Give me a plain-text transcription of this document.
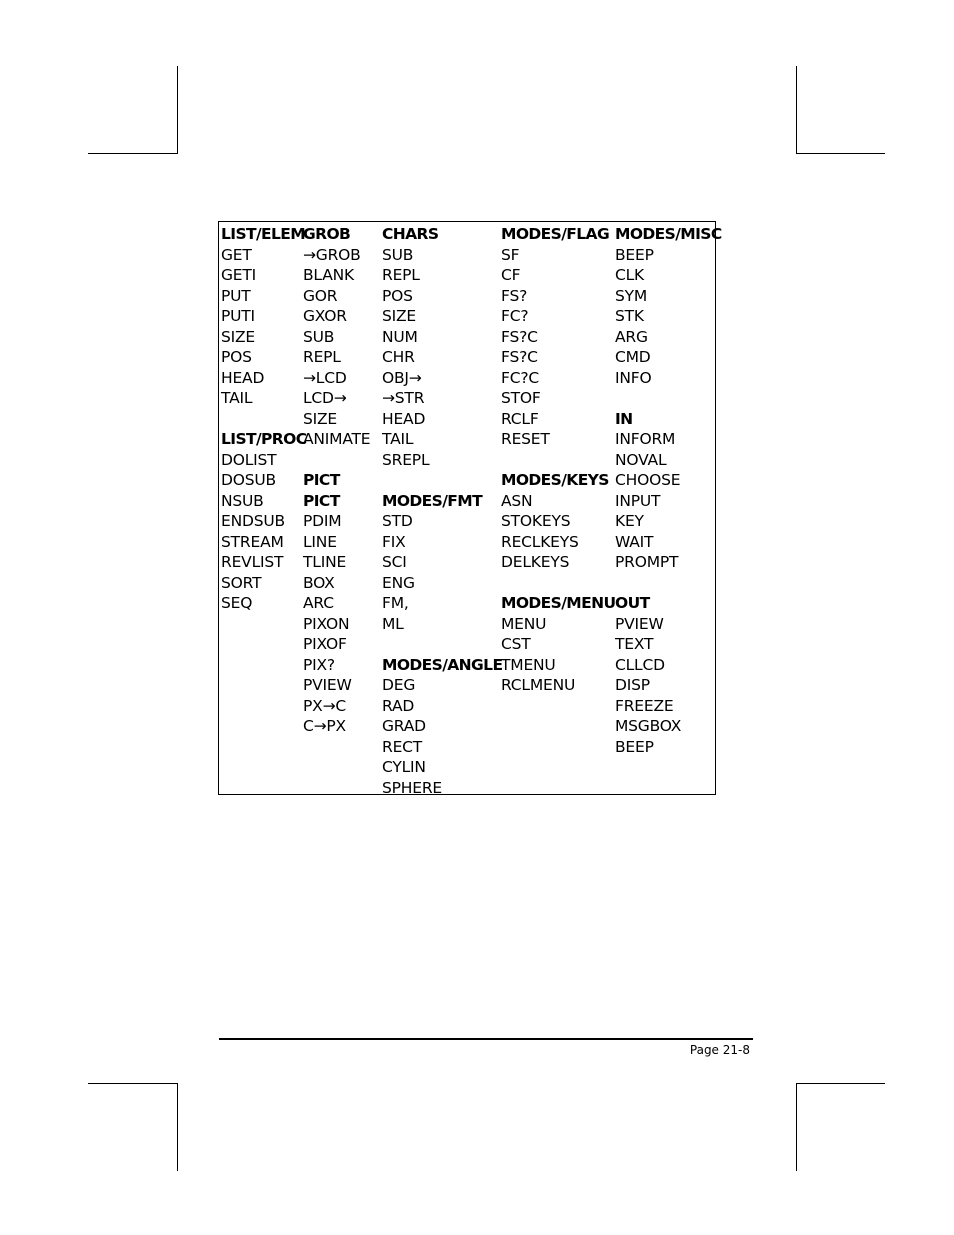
LIST/ELEM
GET
GETI
PUT
PUTI
SIZE
POS
HEAD
TAIL
LIST/PROC
DOLIST
DOSUB
NSUB
ENDSUB
STREAM
REVLIST
SORT
SEQ
GROB
→GROB
BLANK
GOR
GXOR
SUB
REPL
→LCD
LCD→
SIZE
ANIMATE
PICT
PICT
PDIM
LINE
TLINE
BOX
ARC
PIXON
PIXOF
PIX?
PVIEW
PX→C
C→PX
CHARS
SUB
REPL
POS
SIZE
NUM
CHR
OBJ→
→STR
HEAD
TAIL
SREPL
MODES/FMT
STD
FIX
SCI
ENG
FM,
ML
MODES/ANGLE
DEG
RAD
GRAD
RECT
CYLIN
SPHERE
MODES/FLAG
SF
CF
FS?
FC?
FS?C
FS?C
FC?C
STOF
RCLF
RESET
MODES/KEYS
ASN
STOKEYS
RECLKEYS
DELKEYS
MODES/MENU
MENU
CST
TMENU
RCLMENU
MODES/MISC
BEEP
CLK
SYM
STK
ARG
CMD
INFO
IN
INFORM
NOVAL
CHOOSE
INPUT
KEY
WAIT
PROMPT
OUT
PVIEW
TEXT
CLLCD
DISP
FREEZE
MSGBOX
BEEP
Page 21-8
